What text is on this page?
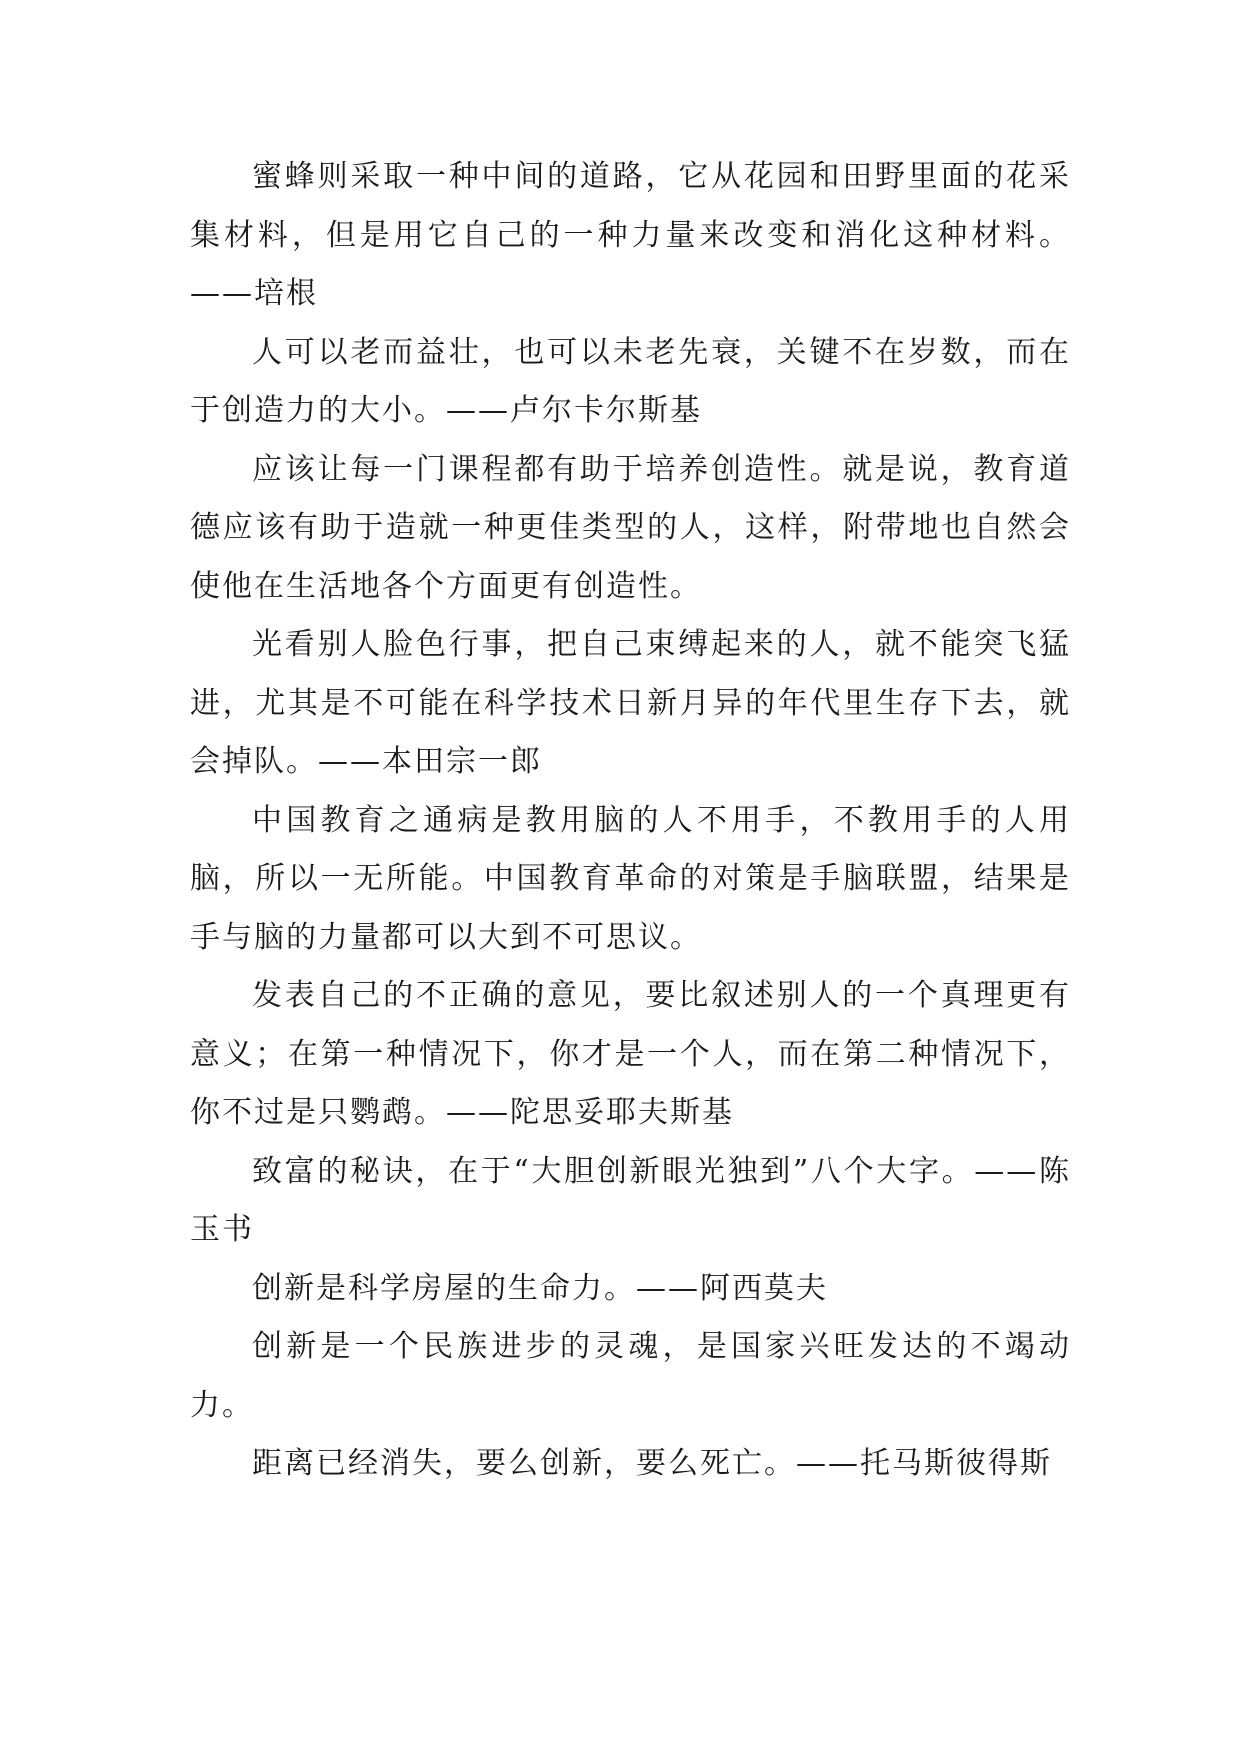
蜜蜂则采取一种中间的道路，它从花园和田野里面的花采集材料，但是用它自己的一种力量来改变和消化这种材料。——培根

人可以老而益壮，也可以未老先衰，关键不在岁数，而在于创造力的大小。——卢尔卡尔斯基

应该让每一门课程都有助于培养创造性。就是说，教育道德应该有助于造就一种更佳类型的人，这样，附带地也自然会使他在生活地各个方面更有创造性。

光看别人脸色行事，把自己束缚起来的人，就不能突飞猛进，尤其是不可能在科学技术日新月异的年代里生存下去，就会掉队。——本田宗一郎

中国教育之通病是教用脑的人不用手，不教用手的人用脑，所以一无所能。中国教育革命的对策是手脑联盟，结果是手与脑的力量都可以大到不可思议。

发表自己的不正确的意见，要比叙述别人的一个真理更有意义；在第一种情况下，你才是一个人，而在第二种情况下，你不过是只鹦鹉。——陀思妥耶夫斯基

致富的秘诀，在于“大胆创新眼光独到”八个大字。——陈玉书

创新是科学房屋的生命力。——阿西莫夫

创新是一个民族进步的灵魂，是国家兴旺发达的不竭动力。

距离已经消失，要么创新，要么死亡。——托马斯彼得斯
